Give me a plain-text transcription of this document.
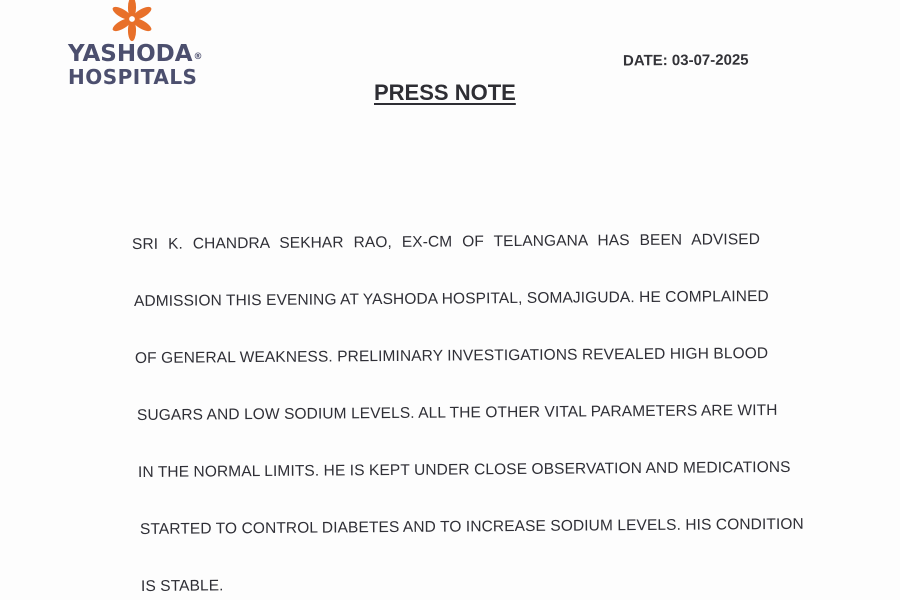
YASHODA®
HOSPITALS
DATE: 03-07-2025
PRESS NOTE
SRI K. CHANDRA SEKHAR RAO, EX-CM OF TELANGANA HAS BEEN ADVISED
ADMISSION THIS EVENING AT YASHODA HOSPITAL, SOMAJIGUDA. HE COMPLAINED
OF GENERAL WEAKNESS. PRELIMINARY INVESTIGATIONS REVEALED HIGH BLOOD
SUGARS AND LOW SODIUM LEVELS. ALL THE OTHER VITAL PARAMETERS ARE WITH
IN THE NORMAL LIMITS. HE IS KEPT UNDER CLOSE OBSERVATION AND MEDICATIONS
STARTED TO CONTROL DIABETES AND TO INCREASE SODIUM LEVELS. HIS CONDITION
IS STABLE.
